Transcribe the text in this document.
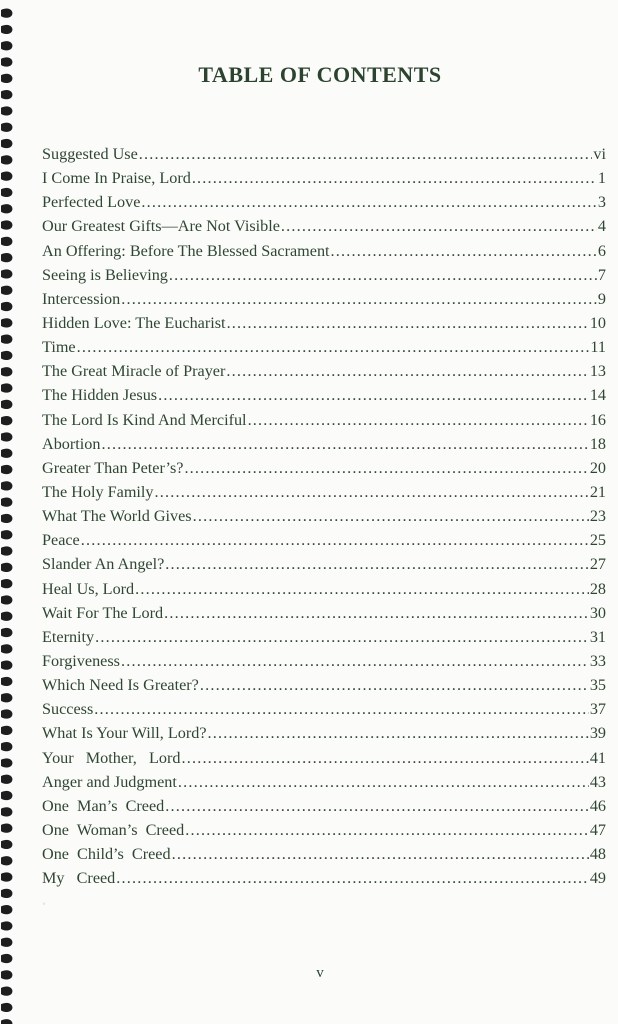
TABLE OF CONTENTS
Suggested Use .....	vi
I Come In Praise, Lord .....	1
Perfected Love .....	3
Our Greatest Gifts—Are Not Visible .....	4
An Offering: Before The Blessed Sacrament .....	6
Seeing is Believing .....	7
Intercession .....	9
Hidden Love: The Eucharist .....	10
Time .....	11
The Great Miracle of Prayer .....	13
The Hidden Jesus .....	14
The Lord Is Kind And Merciful .....	16
Abortion .....	18
Greater Than Peter’s? .....	20
The Holy Family .....	21
What The World Gives .....	23
Peace .....	25
Slander An Angel? .....	27
Heal Us, Lord .....	28
Wait For The Lord .....	30
Eternity .....	31
Forgiveness .....	33
Which Need Is Greater? .....	35
Success .....	37
What Is Your Will, Lord? .....	39
Your   Mother,   Lord .....	41
Anger and Judgment .....	43
One  Man’s  Creed .....	46
One  Woman’s  Creed .....	47
One  Child’s  Creed .....	48
My   Creed .....	49
.
v
